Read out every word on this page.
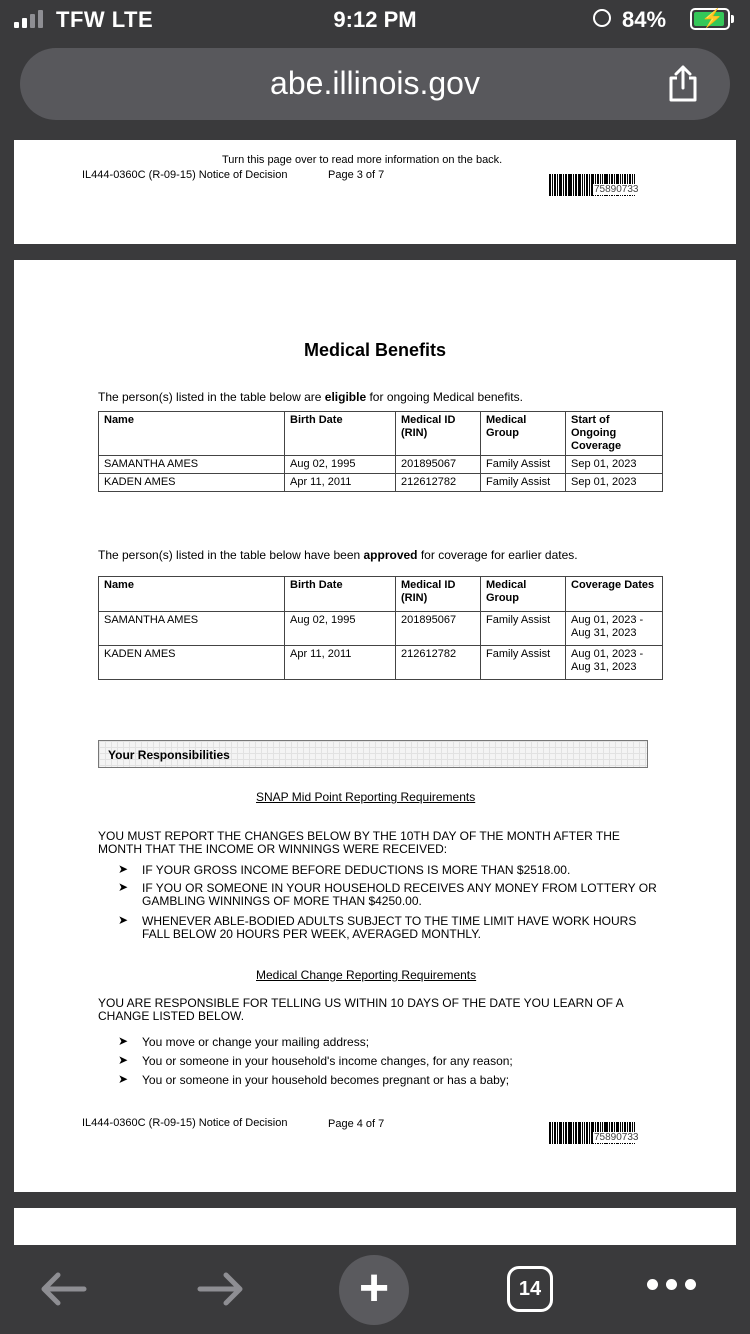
TFW LTE	9:12 PM	84% ⚡
abe.illinois.gov
Turn this page over to read more information on the back.
IL444-0360C (R-09-15) Notice of Decision	Page 3 of 7
75890733
Medical Benefits
The person(s) listed in the table below are eligible for ongoing Medical benefits.
Name	Birth Date	Medical ID (RIN)	Medical Group	Start of Ongoing Coverage
SAMANTHA AMES	Aug 02, 1995	201895067	Family Assist	Sep 01, 2023
KADEN AMES	Apr 11, 2011	212612782	Family Assist	Sep 01, 2023
The person(s) listed in the table below have been approved for coverage for earlier dates.
Name	Birth Date	Medical ID (RIN)	Medical Group	Coverage Dates
SAMANTHA AMES	Aug 02, 1995	201895067	Family Assist	Aug 01, 2023 - Aug 31, 2023
KADEN AMES	Apr 11, 2011	212612782	Family Assist	Aug 01, 2023 - Aug 31, 2023
Your Responsibilities
SNAP Mid Point Reporting Requirements
YOU MUST REPORT THE CHANGES BELOW BY THE 10TH DAY OF THE MONTH AFTER THE MONTH THAT THE INCOME OR WINNINGS WERE RECEIVED:
➤ IF YOUR GROSS INCOME BEFORE DEDUCTIONS IS MORE THAN $2518.00.
➤ IF YOU OR SOMEONE IN YOUR HOUSEHOLD RECEIVES ANY MONEY FROM LOTTERY OR GAMBLING WINNINGS OF MORE THAN $4250.00.
➤ WHENEVER ABLE-BODIED ADULTS SUBJECT TO THE TIME LIMIT HAVE WORK HOURS FALL BELOW 20 HOURS PER WEEK, AVERAGED MONTHLY.
Medical Change Reporting Requirements
YOU ARE RESPONSIBLE FOR TELLING US WITHIN 10 DAYS OF THE DATE YOU LEARN OF A CHANGE LISTED BELOW.
➤ You move or change your mailing address;
➤ You or someone in your household's income changes, for any reason;
➤ You or someone in your household becomes pregnant or has a baby;
IL444-0360C (R-09-15) Notice of Decision	Page 4 of 7
75890733
+	14
